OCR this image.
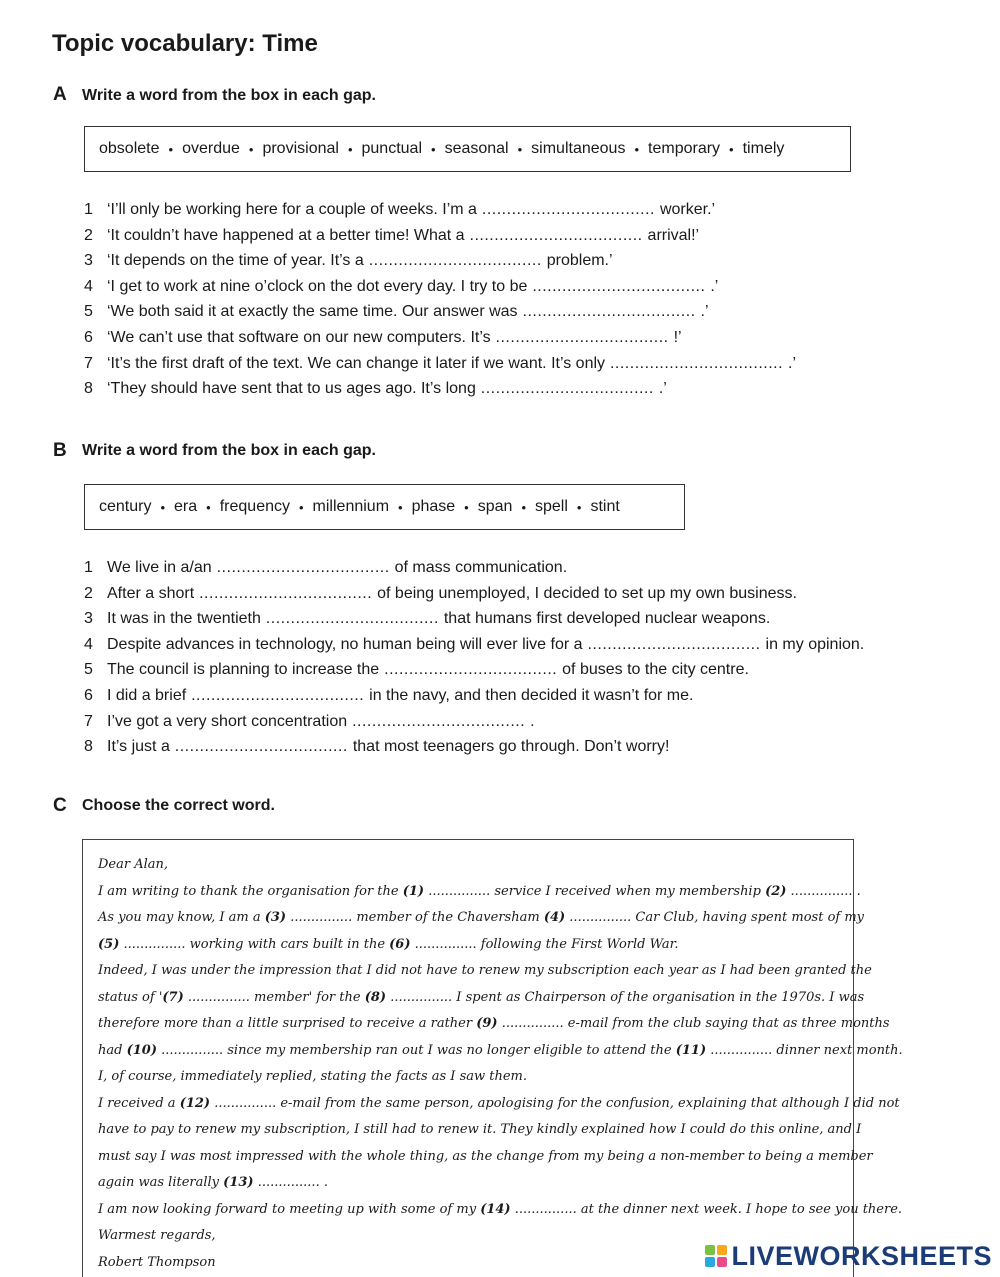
Topic vocabulary: Time
A Write a word from the box in each gap.
obsolete • overdue • provisional • punctual • seasonal • simultaneous • temporary • timely
1 ‘I’ll only be working here for a couple of weeks. I’m a ................................... worker.’
2 ‘It couldn’t have happened at a better time! What a ................................... arrival!’
3 ‘It depends on the time of year. It’s a ................................... problem.’
4 ‘I get to work at nine o’clock on the dot every day. I try to be ................................... .’
5 ‘We both said it at exactly the same time. Our answer was ................................... .’
6 ‘We can’t use that software on our new computers. It’s ................................... !’
7 ‘It’s the first draft of the text. We can change it later if we want. It’s only ................................... .’
8 ‘They should have sent that to us ages ago. It’s long ................................... .’
B Write a word from the box in each gap.
century • era • frequency • millennium • phase • span • spell • stint
1 We live in a/an ................................... of mass communication.
2 After a short ................................... of being unemployed, I decided to set up my own business.
3 It was in the twentieth ................................... that humans first developed nuclear weapons.
4 Despite advances in technology, no human being will ever live for a ................................... in my opinion.
5 The council is planning to increase the ................................... of buses to the city centre.
6 I did a brief ................................... in the navy, and then decided it wasn’t for me.
7 I’ve got a very short concentration ................................... .
8 It’s just a ................................... that most teenagers go through. Don’t worry!
C Choose the correct word.
Dear Alan,
I am writing to thank the organisation for the (1) ............... service I received when my membership (2) ............... .
As you may know, I am a (3) ............... member of the Chaversham (4) ............... Car Club, having spent most of my
(5) ............... working with cars built in the (6) ............... following the First World War.
Indeed, I was under the impression that I did not have to renew my subscription each year as I had been granted the
status of '(7) ............... member' for the (8) ............... I spent as Chairperson of the organisation in the 1970s. I was
therefore more than a little surprised to receive a rather (9) ............... e-mail from the club saying that as three months
had (10) ............... since my membership ran out I was no longer eligible to attend the (11) ............... dinner next month.
I, of course, immediately replied, stating the facts as I saw them.
I received a (12) ............... e-mail from the same person, apologising for the confusion, explaining that although I did not
have to pay to renew my subscription, I still had to renew it. They kindly explained how I could do this online, and I
must say I was most impressed with the whole thing, as the change from my being a non-member to being a member
again was literally (13) ............... .
I am now looking forward to meeting up with some of my (14) ............... at the dinner next week. I hope to see you there.
Warmest regards,
Robert Thompson	LIVEWORKSHEETS
